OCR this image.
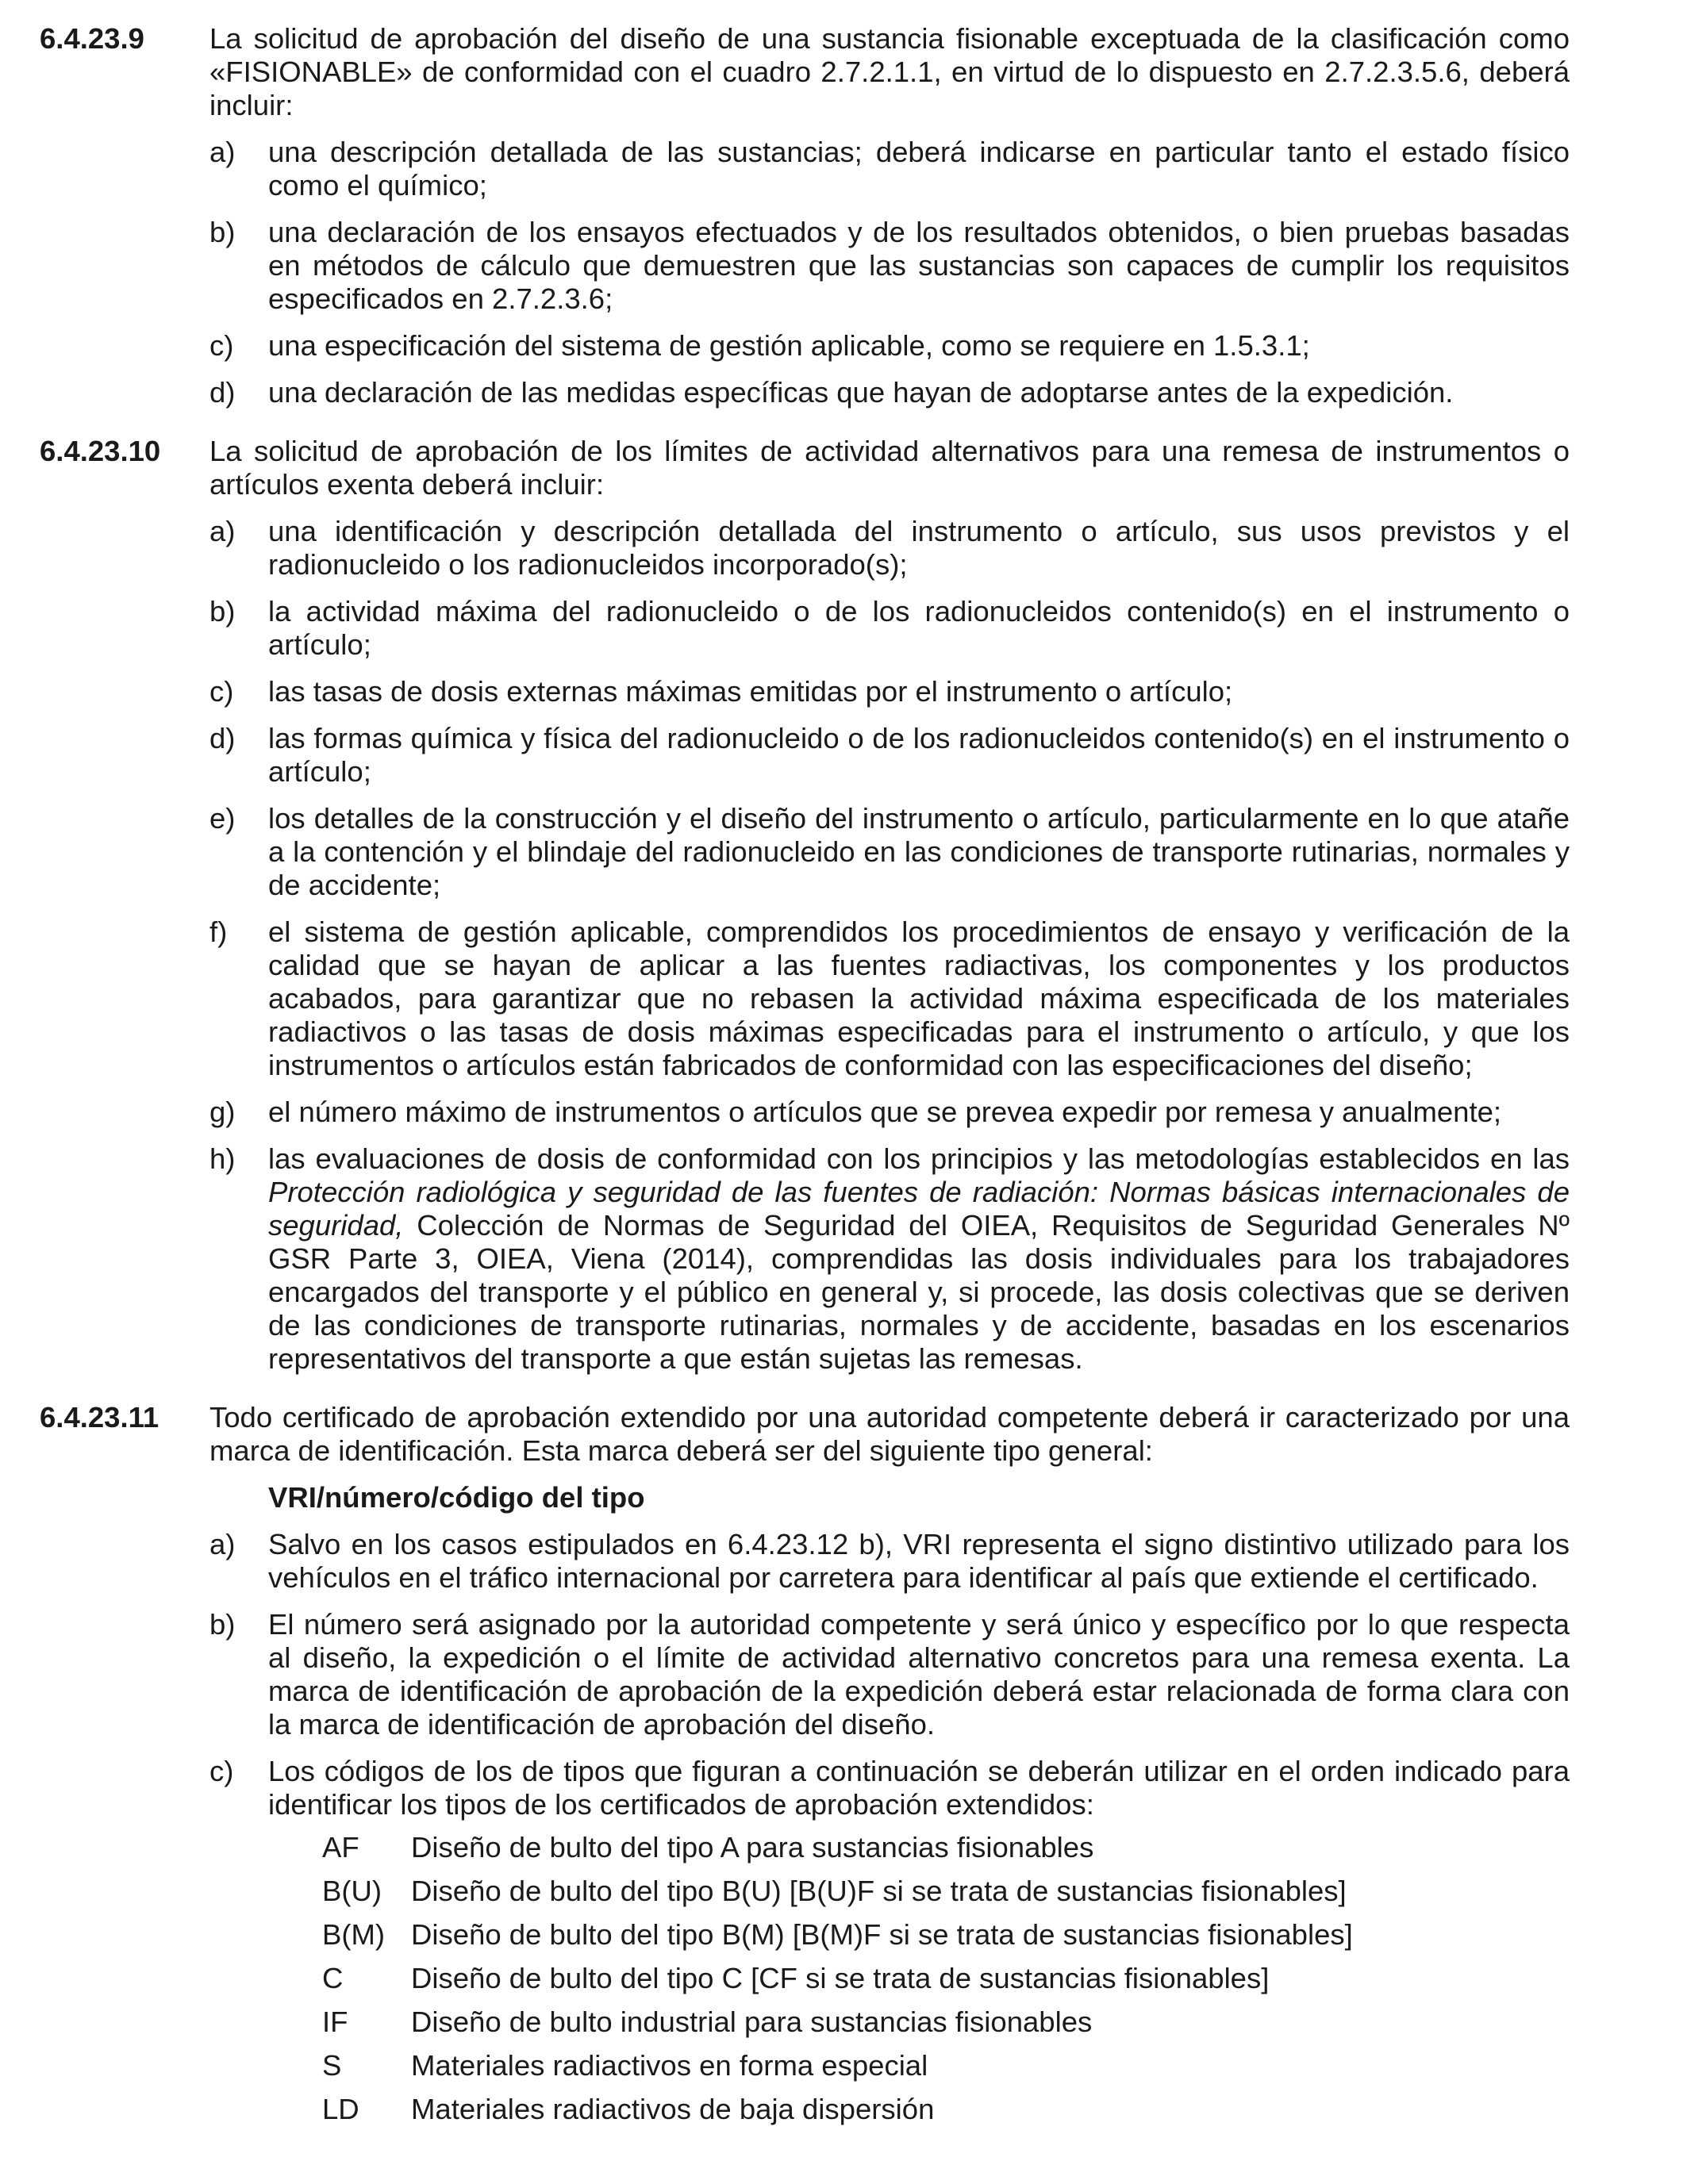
6.4.23.9 La solicitud de aprobación del diseño de una sustancia fisionable exceptuada de la clasificación como «FISIONABLE» de conformidad con el cuadro 2.7.2.1.1, en virtud de lo dispuesto en 2.7.2.3.5.6, deberá incluir:

a) una descripción detallada de las sustancias; deberá indicarse en particular tanto el estado físico como el químico;
b) una declaración de los ensayos efectuados y de los resultados obtenidos, o bien pruebas basadas en métodos de cálculo que demuestren que las sustancias son capaces de cumplir los requisitos especificados en 2.7.2.3.6;
c) una especificación del sistema de gestión aplicable, como se requiere en 1.5.3.1;
d) una declaración de las medidas específicas que hayan de adoptarse antes de la expedición.
6.4.23.10 La solicitud de aprobación de los límites de actividad alternativos para una remesa de instrumentos o artículos exenta deberá incluir:

a) una identificación y descripción detallada del instrumento o artículo, sus usos previstos y el radionucleido o los radionucleidos incorporado(s);
b) la actividad máxima del radionucleido o de los radionucleidos contenido(s) en el instrumento o artículo;
c) las tasas de dosis externas máximas emitidas por el instrumento o artículo;
d) las formas química y física del radionucleido o de los radionucleidos contenido(s) en el instrumento o artículo;
e) los detalles de la construcción y el diseño del instrumento o artículo, particularmente en lo que atañe a la contención y el blindaje del radionucleido en las condiciones de transporte rutinarias, normales y de accidente;
f) el sistema de gestión aplicable, comprendidos los procedimientos de ensayo y verificación de la calidad que se hayan de aplicar a las fuentes radiactivas, los componentes y los productos acabados, para garantizar que no rebasen la actividad máxima especificada de los materiales radiactivos o las tasas de dosis máximas especificadas para el instrumento o artículo, y que los instrumentos o artículos están fabricados de conformidad con las especificaciones del diseño;
g) el número máximo de instrumentos o artículos que se prevea expedir por remesa y anualmente;
h) las evaluaciones de dosis de conformidad con los principios y las metodologías establecidos en las Protección radiológica y seguridad de las fuentes de radiación: Normas básicas internacionales de seguridad, Colección de Normas de Seguridad del OIEA, Requisitos de Seguridad Generales Nº GSR Parte 3, OIEA, Viena (2014), comprendidas las dosis individuales para los trabajadores encargados del transporte y el público en general y, si procede, las dosis colectivas que se deriven de las condiciones de transporte rutinarias, normales y de accidente, basadas en los escenarios representativos del transporte a que están sujetas las remesas.
6.4.23.11 Todo certificado de aprobación extendido por una autoridad competente deberá ir caracterizado por una marca de identificación. Esta marca deberá ser del siguiente tipo general:

VRI/número/código del tipo
a) Salvo en los casos estipulados en 6.4.23.12 b), VRI representa el signo distintivo utilizado para los vehículos en el tráfico internacional por carretera para identificar al país que extiende el certificado.
b) El número será asignado por la autoridad competente y será único y específico por lo que respecta al diseño, la expedición o el límite de actividad alternativo concretos para una remesa exenta. La marca de identificación de aprobación de la expedición deberá estar relacionada de forma clara con la marca de identificación de aprobación del diseño.
c) Los códigos de los de tipos que figuran a continuación se deberán utilizar en el orden indicado para identificar los tipos de los certificados de aprobación extendidos:
AF Diseño de bulto del tipo A para sustancias fisionables
B(U) Diseño de bulto del tipo B(U) [B(U)F si se trata de sustancias fisionables]
B(M) Diseño de bulto del tipo B(M) [B(M)F si se trata de sustancias fisionables]
C Diseño de bulto del tipo C [CF si se trata de sustancias fisionables]
IF Diseño de bulto industrial para sustancias fisionables
S Materiales radiactivos en forma especial
LD Materiales radiactivos de baja dispersión
